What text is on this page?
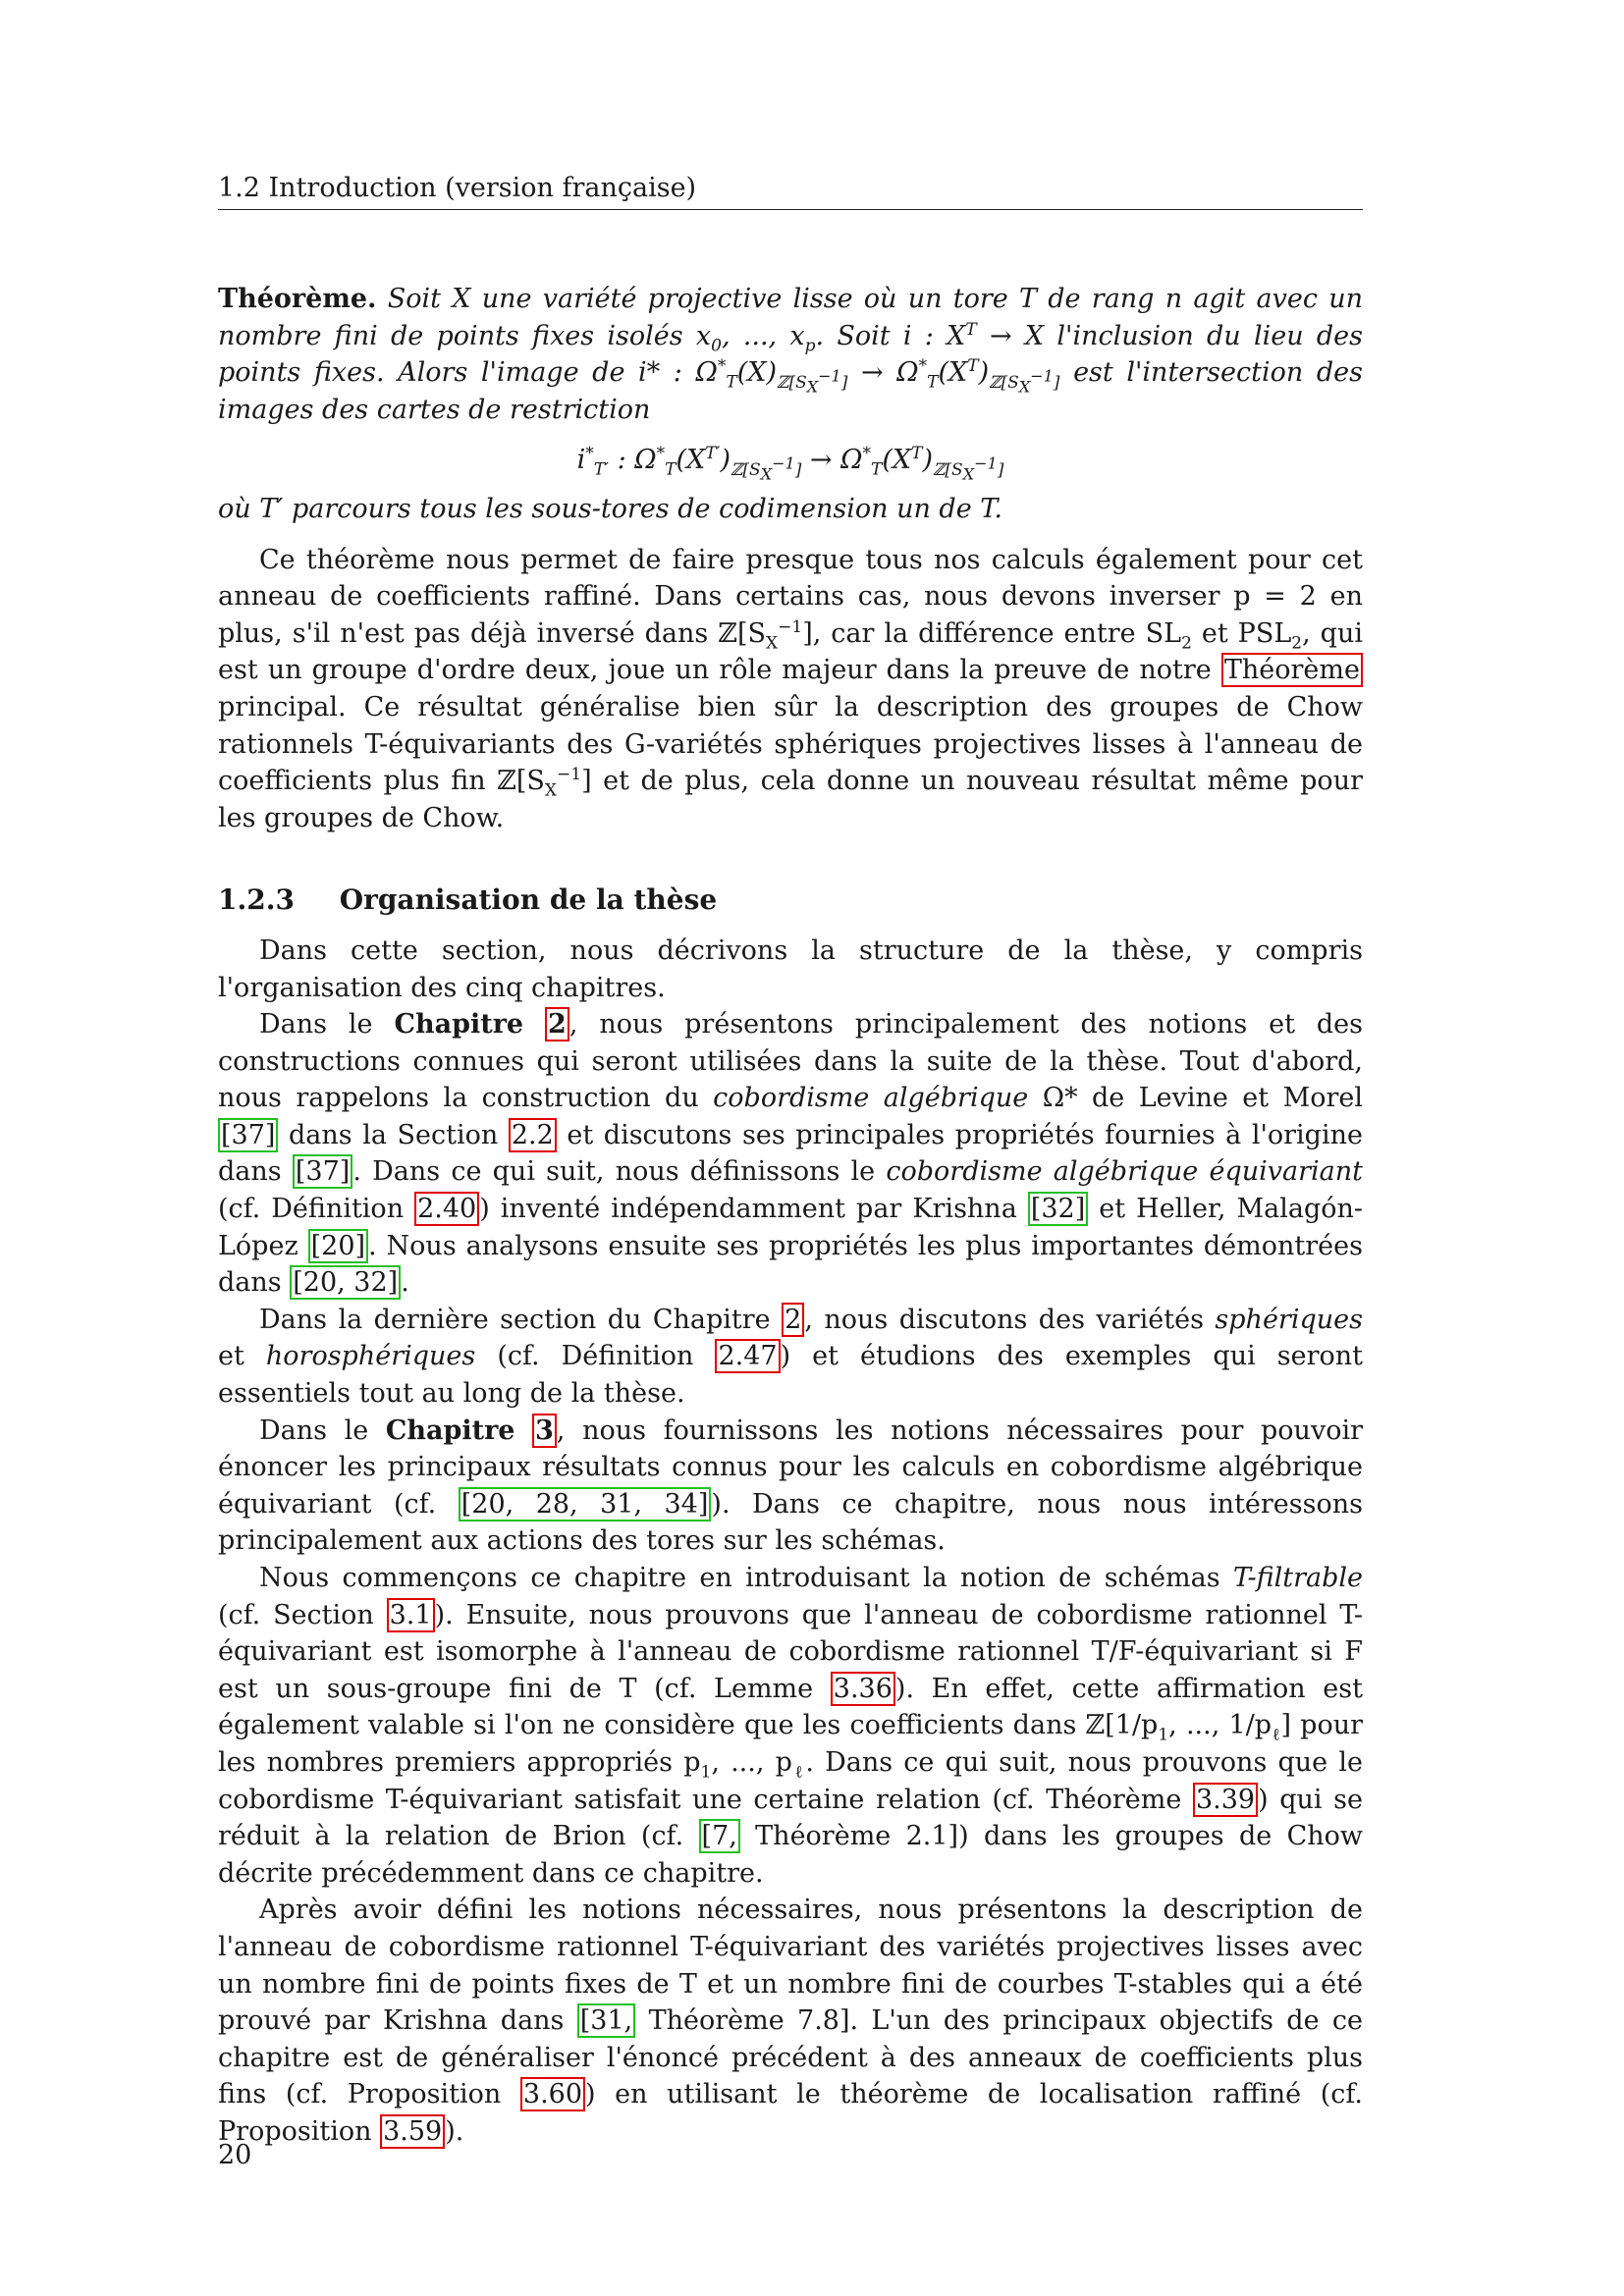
1.2 Introduction (version française)

Théorème. Soit X une variété projective lisse où un tore T de rang n agit avec un nombre fini de points fixes isolés $x_0$, ..., $x_p$. Soit i : $X^T \to X$ l'inclusion du lieu des points fixes. Alors l'image de i* : $\Omega^*_T(X)_{ℤ[S_X^{-1}]} \to \Omega^*_T(X^T)_{ℤ[S_X^{-1}]}$ est l'intersection des images des cartes de restriction

$i^*_{T'}$ : $\Omega^*_T(X^{T'})_{ℤ[S_X^{-1}]} \to \Omega^*_T(X^T)_{ℤ[S_X^{-1}]}$

où T′ parcours tous les sous-tores de codimension un de T.

Ce théorème nous permet de faire presque tous nos calculs également pour cet anneau de coefficients raffiné. Dans certains cas, nous devons inverser p = 2 en plus, s'il n'est pas déjà inversé dans $ℤ[S_X^{-1}]$, car la différence entre $SL_2$ et $PSL_2$, qui est un groupe d'ordre deux, joue un rôle majeur dans la preuve de notre Théorème principal. Ce résultat généralise bien sûr la description des groupes de Chow rationnels T-équivariants des G-variétés sphériques projectives lisses à l'anneau de coefficients plus fin $ℤ[S_X^{-1}]$ et de plus, cela donne un nouveau résultat même pour les groupes de Chow.

1.2.3 Organisation de la thèse

Dans cette section, nous décrivons la structure de la thèse, y compris l'organisation des cinq chapitres.

Dans le Chapitre 2 , nous présentons principalement des notions et des constructions connues qui seront utilisées dans la suite de la thèse. Tout d'abord, nous rappelons la construction du cobordisme algébrique Ω* de Levine et Morel [37] dans la Section 2.2 et discutons ses principales propriétés fournies à l'origine dans [37] . Dans ce qui suit, nous définissons le cobordisme algébrique équivariant (cf. Définition 2.40 ) inventé indépendamment par Krishna [32] et Heller, Malagón-López [20] . Nous analysons ensuite ses propriétés les plus importantes démontrées dans [20, 32] .

Dans la dernière section du Chapitre 2 , nous discutons des variétés sphériques et horosphériques (cf. Définition 2.47 ) et étudions des exemples qui seront essentiels tout au long de la thèse.

Dans le Chapitre 3 , nous fournissons les notions nécessaires pour pouvoir énoncer les principaux résultats connus pour les calculs en cobordisme algébrique équivariant (cf. [20, 28, 31, 34] ). Dans ce chapitre, nous nous intéressons principalement aux actions des tores sur les schémas.

Nous commençons ce chapitre en introduisant la notion de schémas T-filtrable (cf. Section 3.1 ). Ensuite, nous prouvons que l'anneau de cobordisme rationnel T-équivariant est isomorphe à l'anneau de cobordisme rationnel T/F-équivariant si F est un sous-groupe fini de T (cf. Lemme 3.36 ). En effet, cette affirmation est également valable si l'on ne considère que les coefficients dans $ℤ[1/p_1$, ..., $1/p_\ell$] pour les nombres premiers appropriés $p_1$, ..., $p_\ell$. Dans ce qui suit, nous prouvons que le cobordisme T-équivariant satisfait une certaine relation (cf. Théorème 3.39 ) qui se réduit à la relation de Brion (cf. [7, Théorème 2.1]) dans les groupes de Chow décrite précédemment dans ce chapitre.

Après avoir défini les notions nécessaires, nous présentons la description de l'anneau de cobordisme rationnel T-équivariant des variétés projectives lisses avec un nombre fini de points fixes de T et un nombre fini de courbes T-stables qui a été prouvé par Krishna dans [31, Théorème 7.8]. L'un des principaux objectifs de ce chapitre est de généraliser l'énoncé précédent à des anneaux de coefficients plus fins (cf. Proposition 3.60 ) en utilisant le théorème de localisation raffiné (cf. Proposition 3.59 ).

20
